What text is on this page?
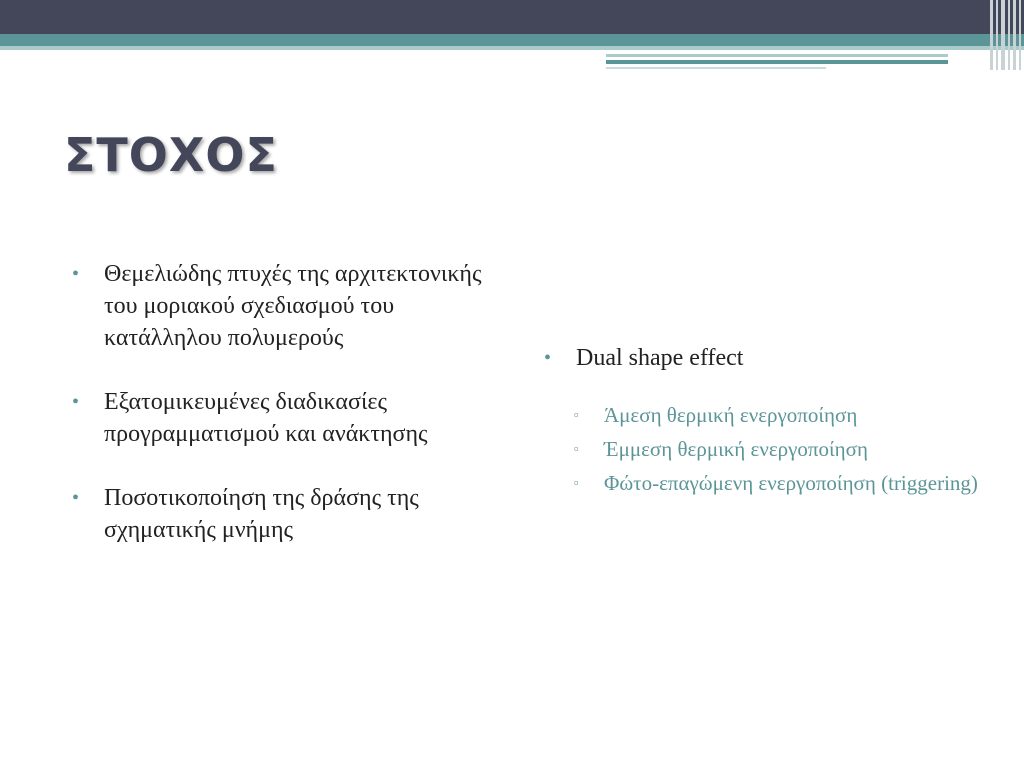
ΣΤΟΧΟΣ
•	Θεμελιώδης πτυχές της αρχιτεκτονικής του μοριακού σχεδιασμού του κατάλληλου πολυμερούς
•	Εξατομικευμένες διαδικασίες προγραμματισμού και ανάκτησης
•	Ποσοτικοποίηση της δράσης της σχηματικής μνήμης
•	Dual shape effect
▫ Άμεση θερμική ενεργοποίηση
▫ Έμμεση θερμική ενεργοποίηση
▫ Φώτο-επαγώμενη ενεργοποίηση (triggering)
